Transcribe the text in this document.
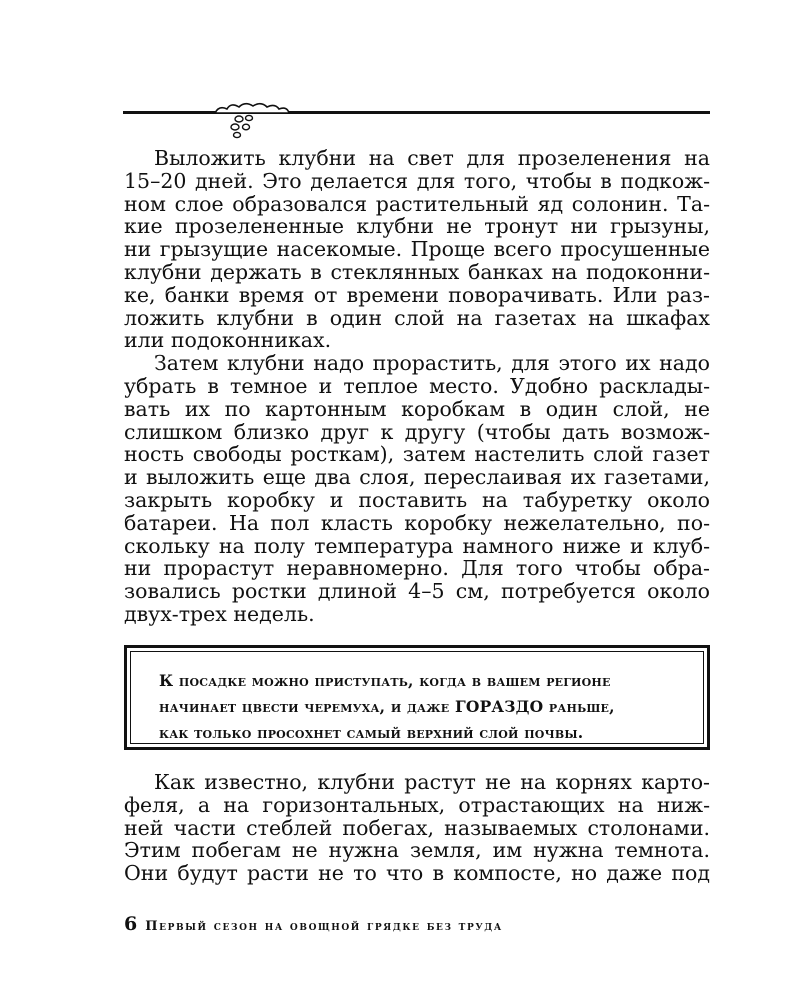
Выложить клубни на свет для прозеленения на
15–20 дней. Это делается для того, чтобы в подкож-
ном слое образовался растительный яд солонин. Та-
кие прозелененные клубни не тронут ни грызуны,
ни грызущие насекомые. Проще всего просушенные
клубни держать в стеклянных банках на подоконни-
ке, банки время от времени поворачивать. Или раз-
ложить клубни в один слой на газетах на шкафах
или подоконниках.
Затем клубни надо прорастить, для этого их надо
убрать в темное и теплое место. Удобно расклады-
вать их по картонным коробкам в один слой, не
слишком близко друг к другу (чтобы дать возмож-
ность свободы росткам), затем настелить слой газет
и выложить еще два слоя, переслаивая их газетами,
закрыть коробку и поставить на табуретку около
батареи. На пол класть коробку нежелательно, по-
скольку на полу температура намного ниже и клуб-
ни прорастут неравномерно. Для того чтобы обра-
зовались ростки длиной 4–5 см, потребуется около
двух-трех недель.
К посадке можно приступать, когда в вашем регионе
начинает цвести черемуха, и даже ГОРАЗДО раньше,
как только просохнет самый верхний слой почвы.
Как известно, клубни растут не на корнях карто-
феля, а на горизонтальных, отрастающих на ниж-
ней части стеблей побегах, называемых столонами.
Этим побегам не нужна земля, им нужна темнота.
Они будут расти не то что в компосте, но даже под
6 Первый сезон на овощной грядке без труда
